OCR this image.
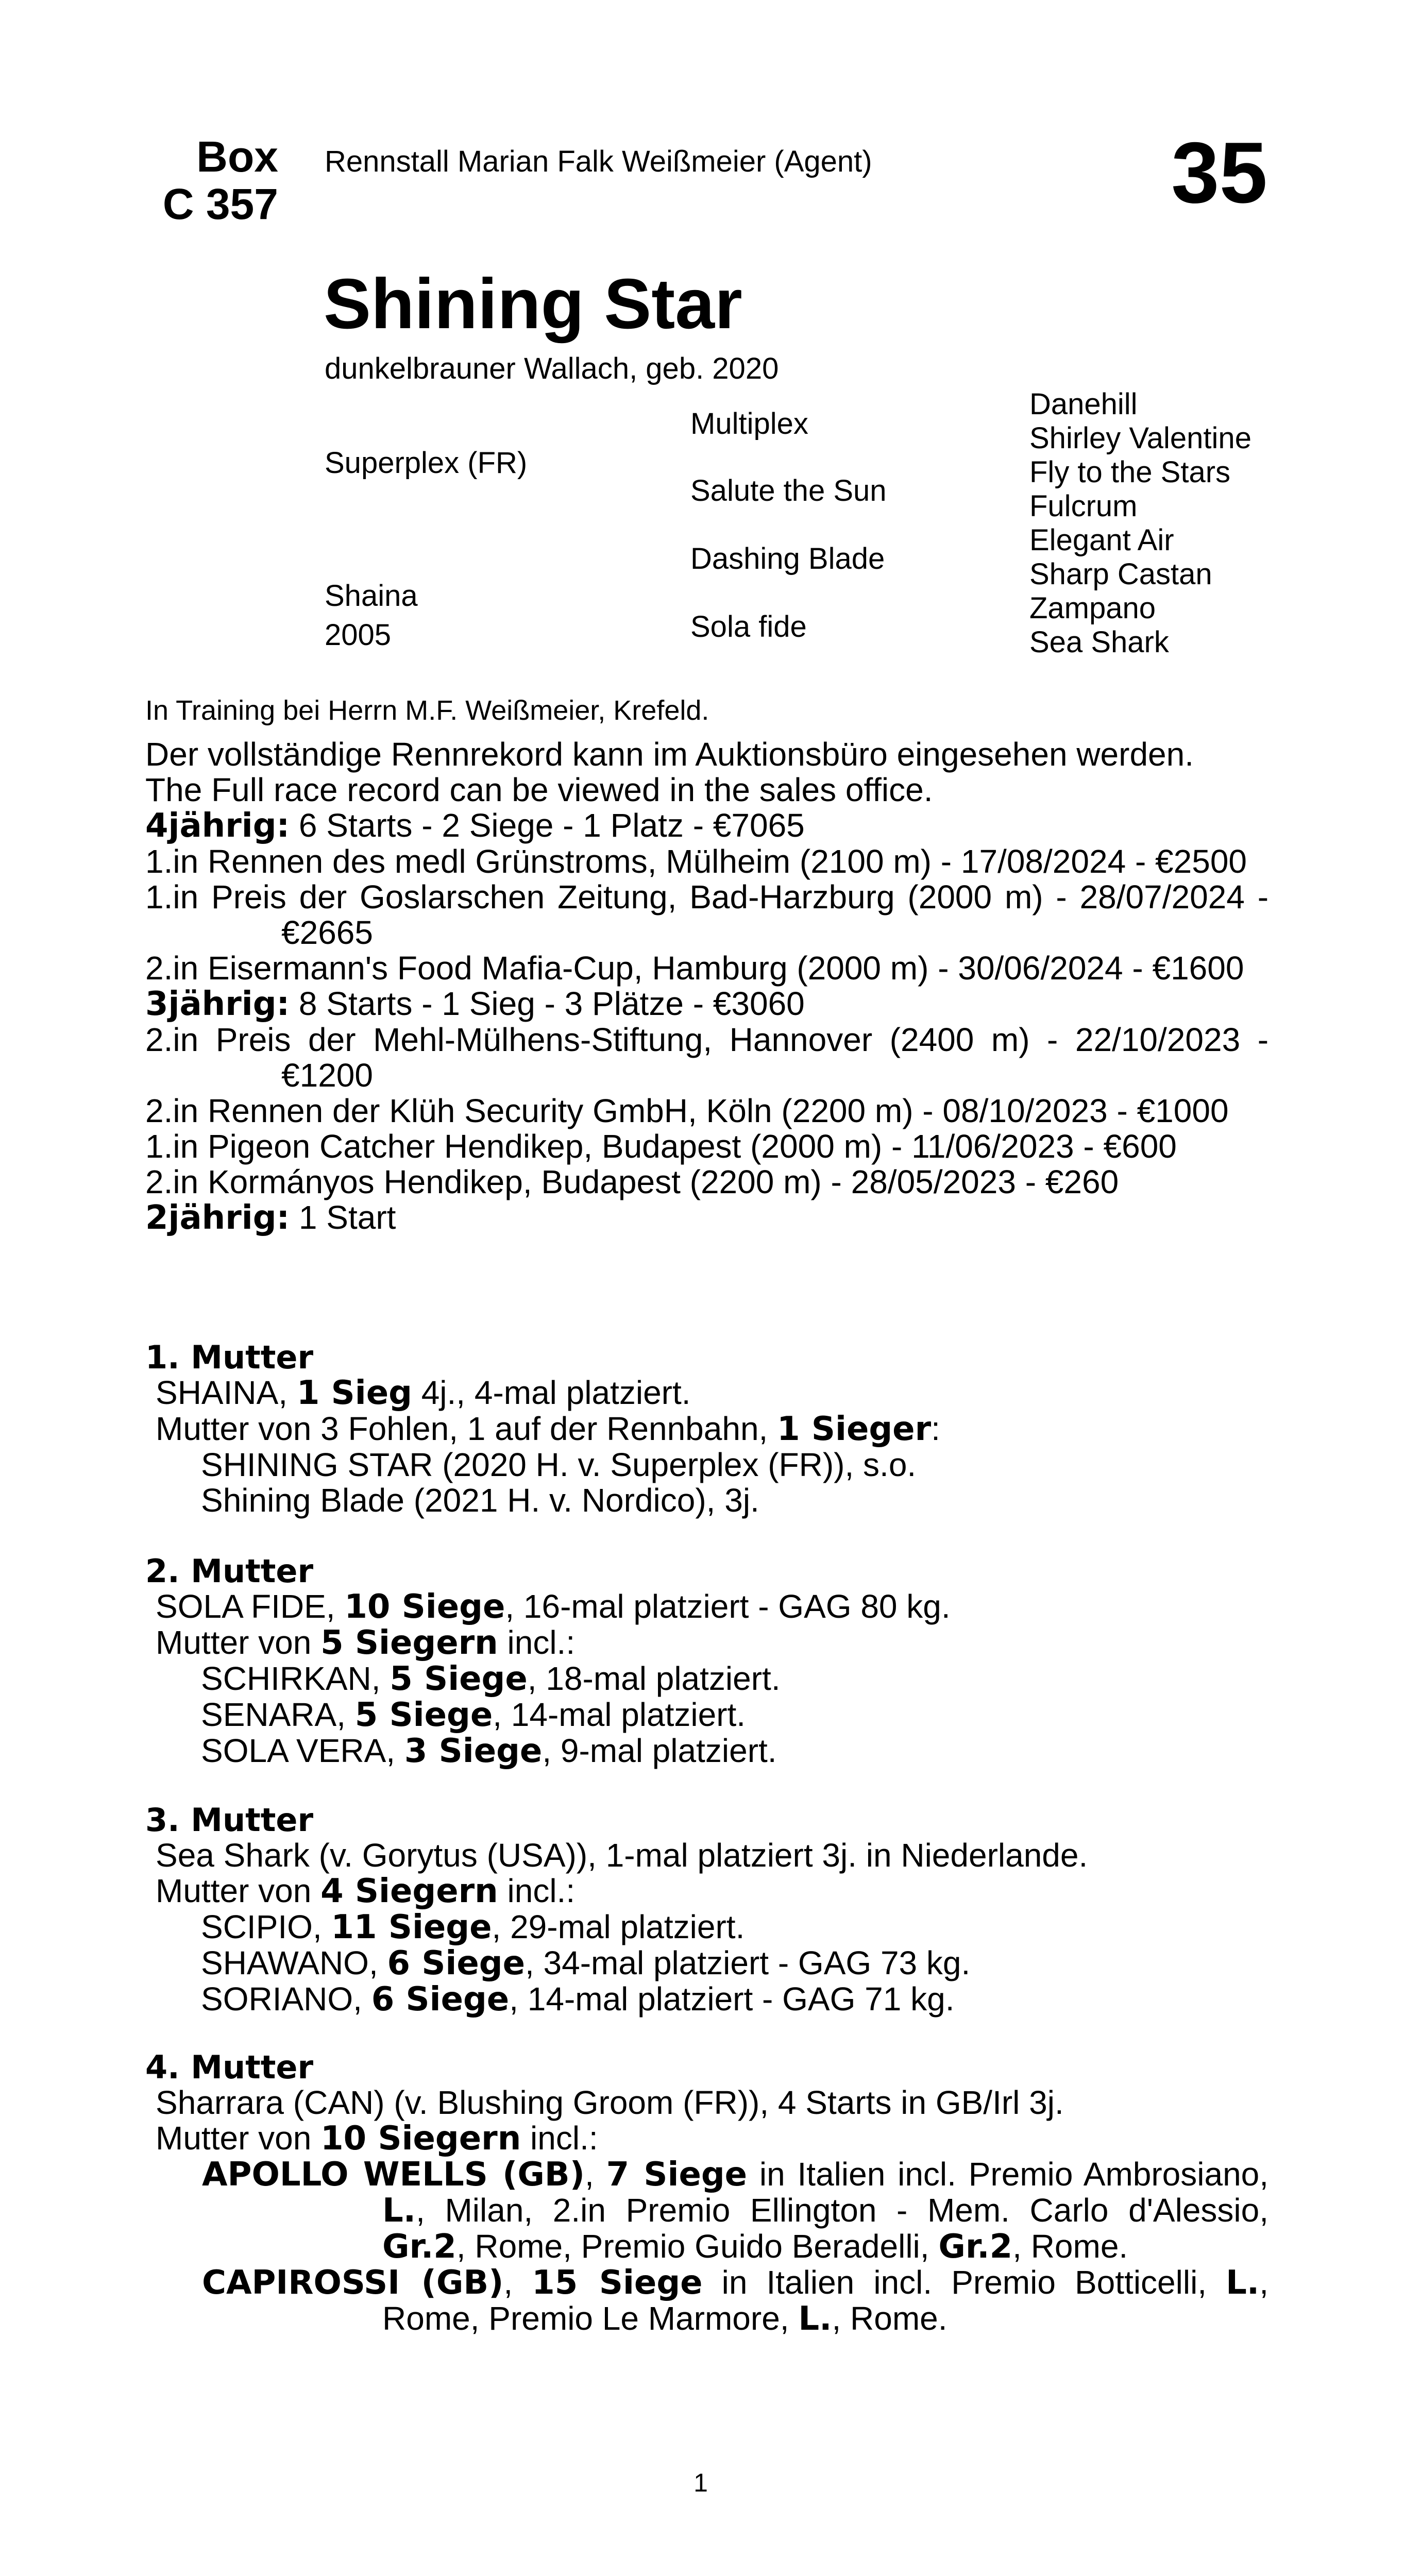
Box
C 357
Rennstall Marian Falk Weißmeier (Agent)	35
Shining Star
dunkelbrauner Wallach, geb. 2020
Superplex (FR)
Shaina
2005
Multiplex
Salute the Sun
Dashing Blade
Sola fide
Danehill
Shirley Valentine
Fly to the Stars
Fulcrum
Elegant Air
Sharp Castan
Zampano
Sea Shark
In Training bei Herrn M.F. Weißmeier, Krefeld.

Der vollständige Rennrekord kann im Auktionsbüro eingesehen werden.

The Full race record can be viewed in the sales office.

4jährig: 6 Starts - 2 Siege - 1 Platz - €7065

1.in Rennen des medl Grünstroms, Mülheim (2100 m) - 17/08/2024 - €2500

1.in Preis der Goslarschen Zeitung, Bad-Harzburg (2000 m) - 28/07/2024 - €2665

2.in Eisermann's Food Mafia-Cup, Hamburg (2000 m) - 30/06/2024 - €1600

3jährig: 8 Starts - 1 Sieg - 3 Plätze - €3060

2.in Preis der Mehl-Mülhens-Stiftung, Hannover (2400 m) - 22/10/2023 - €1200

2.in Rennen der Klüh Security GmbH, Köln (2200 m) - 08/10/2023 - €1000

1.in Pigeon Catcher Hendikep, Budapest (2000 m) - 11/06/2023 - €600

2.in Kormányos Hendikep, Budapest (2200 m) - 28/05/2023 - €260

2jährig: 1 Start

1. Mutter

SHAINA, 1 Sieg 4j., 4-mal platziert.

Mutter von 3 Fohlen, 1 auf der Rennbahn, 1 Sieger:

SHINING STAR (2020 H. v. Superplex (FR)), s.o.

Shining Blade (2021 H. v. Nordico), 3j.

2. Mutter

SOLA FIDE, 10 Siege, 16-mal platziert - GAG 80 kg.

Mutter von 5 Siegern incl.:

SCHIRKAN, 5 Siege, 18-mal platziert.

SENARA, 5 Siege, 14-mal platziert.

SOLA VERA, 3 Siege, 9-mal platziert.

3. Mutter

Sea Shark (v. Gorytus (USA)), 1-mal platziert 3j. in Niederlande.

Mutter von 4 Siegern incl.:

SCIPIO, 11 Siege, 29-mal platziert.

SHAWANO, 6 Siege, 34-mal platziert - GAG 73 kg.

SORIANO, 6 Siege, 14-mal platziert - GAG 71 kg.

4. Mutter

Sharrara (CAN) (v. Blushing Groom (FR)), 4 Starts in GB/Irl 3j.

Mutter von 10 Siegern incl.:

APOLLO WELLS (GB), 7 Siege in Italien incl. Premio Ambrosiano, L., Milan, 2.in Premio Ellington - Mem. Carlo d'Alessio, Gr.2, Rome, Premio Guido Beradelli, Gr.2, Rome.

CAPIROSSI (GB), 15 Siege in Italien incl. Premio Botticelli, L., Rome, Premio Le Marmore, L., Rome.

1
